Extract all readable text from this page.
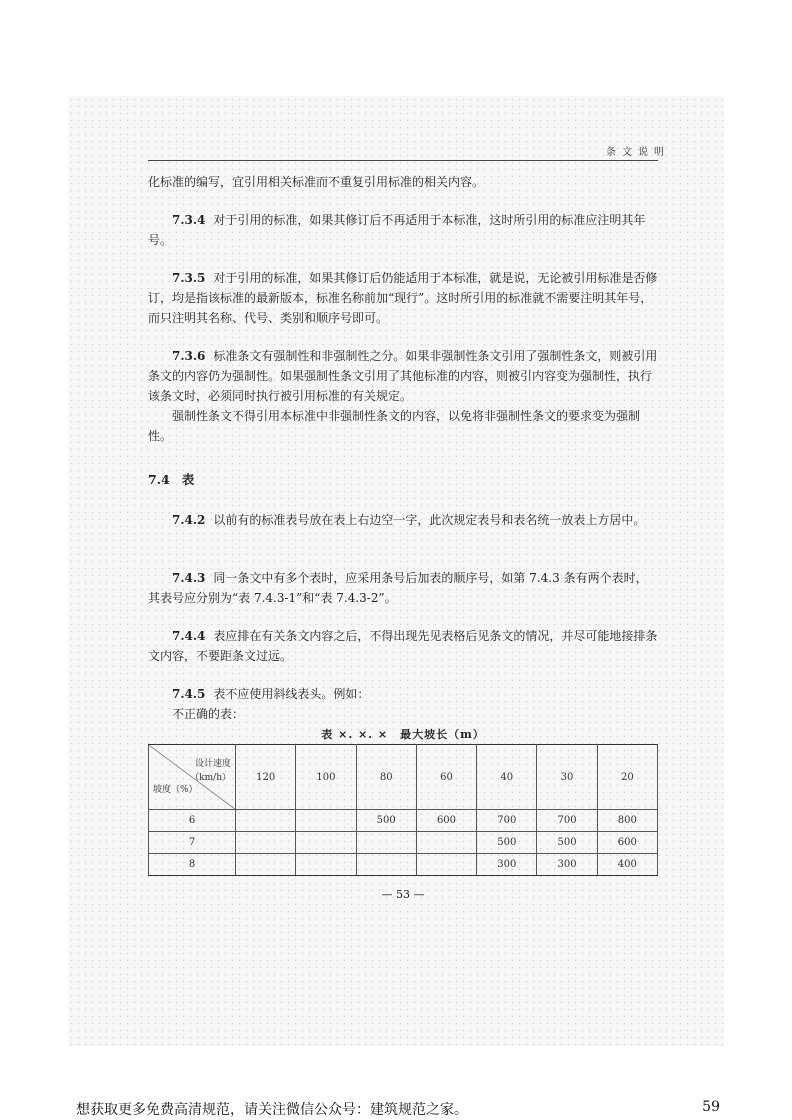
条文说明

化标准的编写，宜引用相关标准而不重复引用标准的相关内容。

7.3.4 对于引用的标准，如果其修订后不再适用于本标准，这时所引用的标准应注明其年号。

7.3.5 对于引用的标准，如果其修订后仍能适用于本标准，就是说，无论被引用标准是否修订，均是指该标准的最新版本，标准名称前加“现行”。这时所引用的标准就不需要注明其年号，而只注明其名称、代号、类别和顺序号即可。

7.3.6 标准条文有强制性和非强制性之分。如果非强制性条文引用了强制性条文，则被引用条文的内容仍为强制性。如果强制性条文引用了其他标准的内容，则被引内容变为强制性，执行该条文时，必须同时执行被引用标准的有关规定。

强制性条文不得引用本标准中非强制性条文的内容，以免将非强制性条文的要求变为强制性。

7.4 表

7.4.2 以前有的标准表号放在表上右边空一字，此次规定表号和表名统一放表上方居中。

7.4.3 同一条文中有多个表时，应采用条号后加表的顺序号，如第 7.4.3 条有两个表时，其表号应分别为“表 7.4.3-1”和“表 7.4.3-2”。

7.4.4 表应排在有关条文内容之后，不得出现先见表格后见条文的情况，并尽可能地接排条文内容，不要距条文过远。

7.4.5 表不应使用斜线表头。例如：

不正确的表：

表 ×. ×. ×　最大坡长（m）
设计速度
（km/h）
坡度（%）	120	100	80	60	40	30	20
6			500	600	700	700	800
7					500	500	600
8					300	300	400
— 53 —
想获取更多免费高清规范，请关注微信公众号：建筑规范之家。	59
